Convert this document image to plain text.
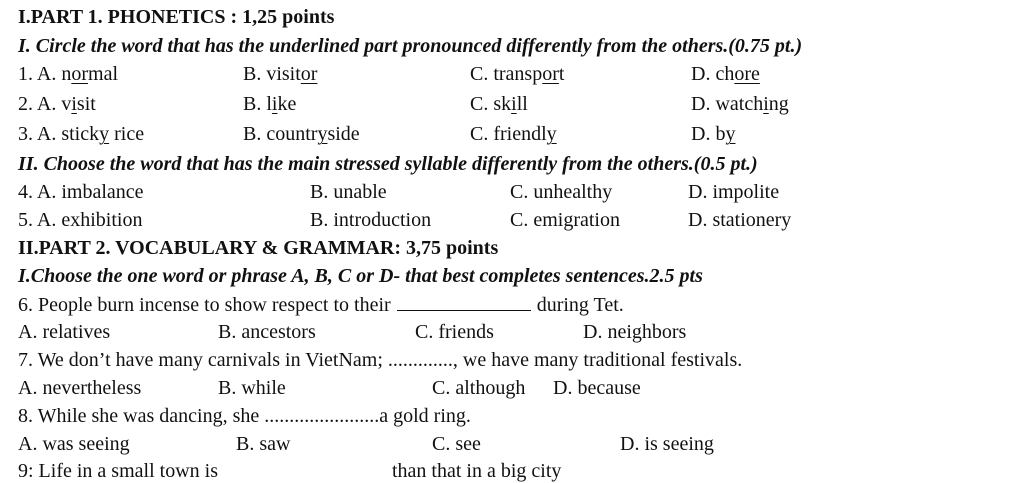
I.PART 1. PHONETICS : 1,25 points
I. Circle the word that has the underlined part pronounced differently from the others.(0.75 pt.)
1. A. normal	B. visitor	C. transport	D. chore
2. A. visit	B. like	C. skill	D. watching
3. A. sticky rice	B. countryside	C. friendly	D. by
II. Choose the word that has the main stressed syllable differently from the others.(0.5 pt.)
4. A. imbalance	B. unable	C. unhealthy	D. impolite
5. A. exhibition	B. introduction	C. emigration	D. stationery
II.PART 2. VOCABULARY & GRAMMAR: 3,75 points
I.Choose the one word or phrase A, B, C or D- that best completes sentences.2.5 pts
6. People burn incense to show respect to their	during Tet.
A. relatives	B. ancestors	C. friends	D. neighbors
7. We don’t have many carnivals in VietNam; ............., we have many traditional festivals.
A. nevertheless	B. while	C. although D. because
8. While she was dancing, she .......................a gold ring.
A. was seeing	B. saw	C. see	D. is seeing
9: Life in a small town is	than that in a big city
